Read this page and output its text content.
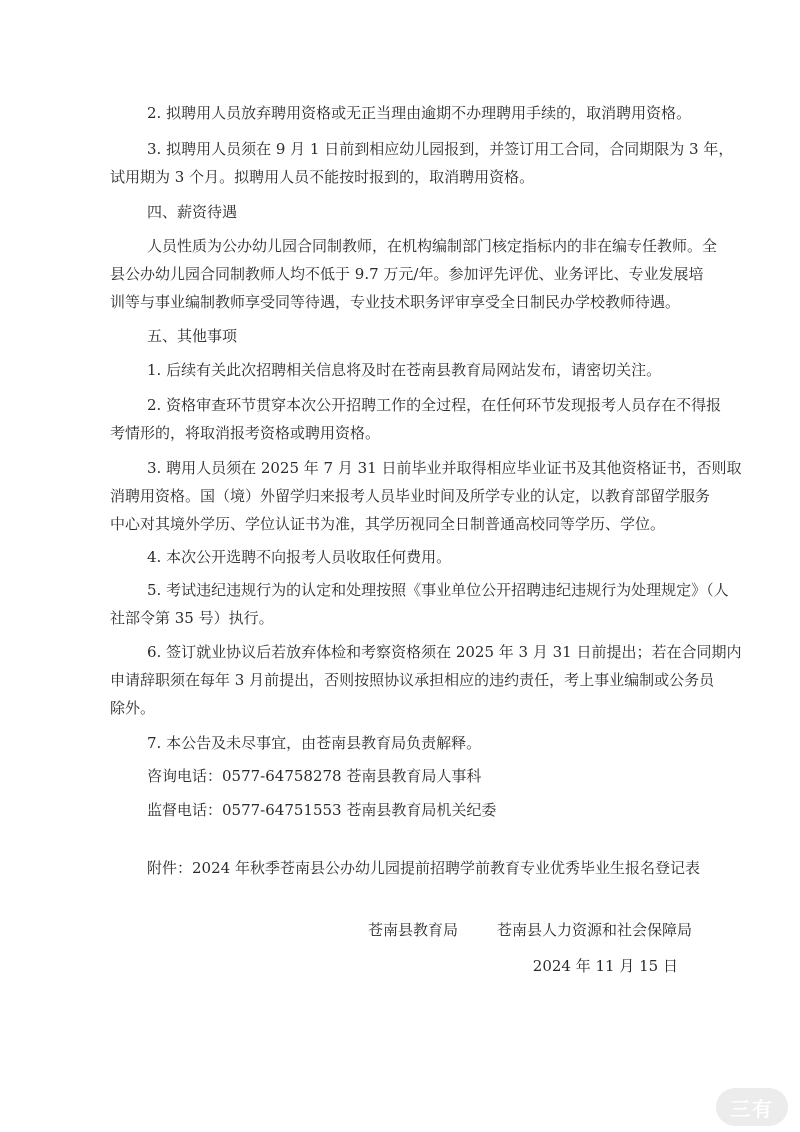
2. 拟聘用人员放弃聘用资格或无正当理由逾期不办理聘用手续的，取消聘用资格。
3. 拟聘用人员须在 9 月 1 日前到相应幼儿园报到，并签订用工合同，合同期限为 3 年，
试用期为 3 个月。拟聘用人员不能按时报到的，取消聘用资格。
四、薪资待遇
人员性质为公办幼儿园合同制教师，在机构编制部门核定指标内的非在编专任教师。全
县公办幼儿园合同制教师人均不低于 9.7 万元/年。参加评先评优、业务评比、专业发展培
训等与事业编制教师享受同等待遇，专业技术职务评审享受全日制民办学校教师待遇。
五、其他事项
1. 后续有关此次招聘相关信息将及时在苍南县教育局网站发布，请密切关注。
2. 资格审查环节贯穿本次公开招聘工作的全过程，在任何环节发现报考人员存在不得报
考情形的，将取消报考资格或聘用资格。
3. 聘用人员须在 2025 年 7 月 31 日前毕业并取得相应毕业证书及其他资格证书，否则取
消聘用资格。国（境）外留学归来报考人员毕业时间及所学专业的认定，以教育部留学服务
中心对其境外学历、学位认证书为准，其学历视同全日制普通高校同等学历、学位。
4. 本次公开选聘不向报考人员收取任何费用。
5. 考试违纪违规行为的认定和处理按照《事业单位公开招聘违纪违规行为处理规定》（人
社部令第 35 号）执行。
6. 签订就业协议后若放弃体检和考察资格须在 2025 年 3 月 31 日前提出；若在合同期内
申请辞职须在每年 3 月前提出，否则按照协议承担相应的违约责任，考上事业编制或公务员
除外。
7. 本公告及未尽事宜，由苍南县教育局负责解释。
咨询电话：0577-64758278 苍南县教育局人事科
监督电话：0577-64751553 苍南县教育局机关纪委
附件：2024 年秋季苍南县公办幼儿园提前招聘学前教育专业优秀毕业生报名登记表
苍南县教育局	苍南县人力资源和社会保障局
2024 年 11 月 15 日
三有
